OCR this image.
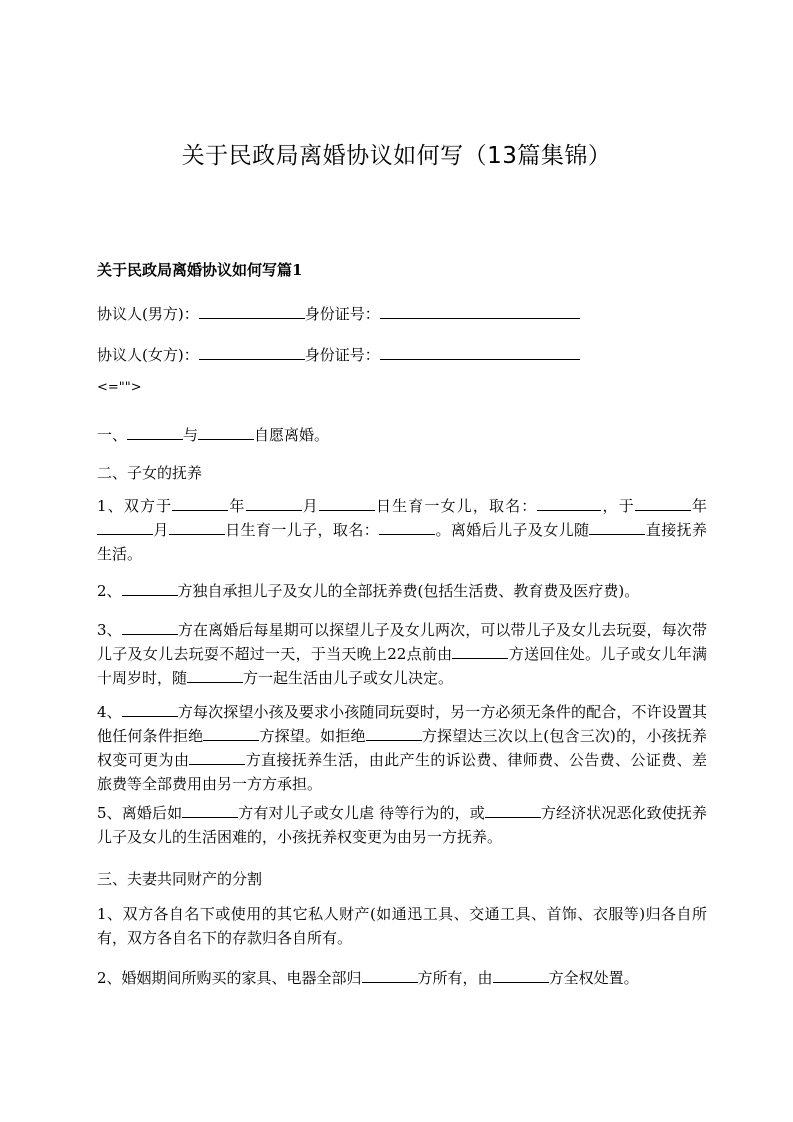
关于民政局离婚协议如何写（13篇集锦）
关于民政局离婚协议如何写篇1
协议人(男方)：	身份证号：
协议人(女方)：	身份证号：
<="">
一、	与	自愿离婚。
二、子女的抚养
1、双方于	年	月	日生育一女儿，取名：	，于	年月	日生育一儿子，取名：	。离婚后儿子及女儿随	直接抚养生活。
2、	方独自承担儿子及女儿的全部抚养费(包括生活费、教育费及医疗费)。
3、	方在离婚后每星期可以探望儿子及女儿两次，可以带儿子及女儿去玩耍，每次带儿子及女儿去玩耍不超过一天，于当天晚上22点前由	方送回住处。儿子或女儿年满十周岁时，随	方一起生活由儿子或女儿决定。
4、	方每次探望小孩及要求小孩随同玩耍时，另一方必须无条件的配合，不许设置其他任何条件拒绝	方探望。如拒绝	方探望达三次以上(包含三次)的，小孩抚养权变可更为由	方直接抚养生活，由此产生的诉讼费、律师费、公告费、公证费、差旅费等全部费用由另一方方承担。
5、离婚后如	方有对儿子或女儿虐 待等行为的，或	方经济状况恶化致使抚养儿子及女儿的生活困难的，小孩抚养权变更为由另一方抚养。
三、夫妻共同财产的分割
1、双方各自名下或使用的其它私人财产(如通迅工具、交通工具、首饰、衣服等)归各自所有，双方各自名下的存款归各自所有。
2、婚姻期间所购买的家具、电器全部归	方所有，由	方全权处置。
